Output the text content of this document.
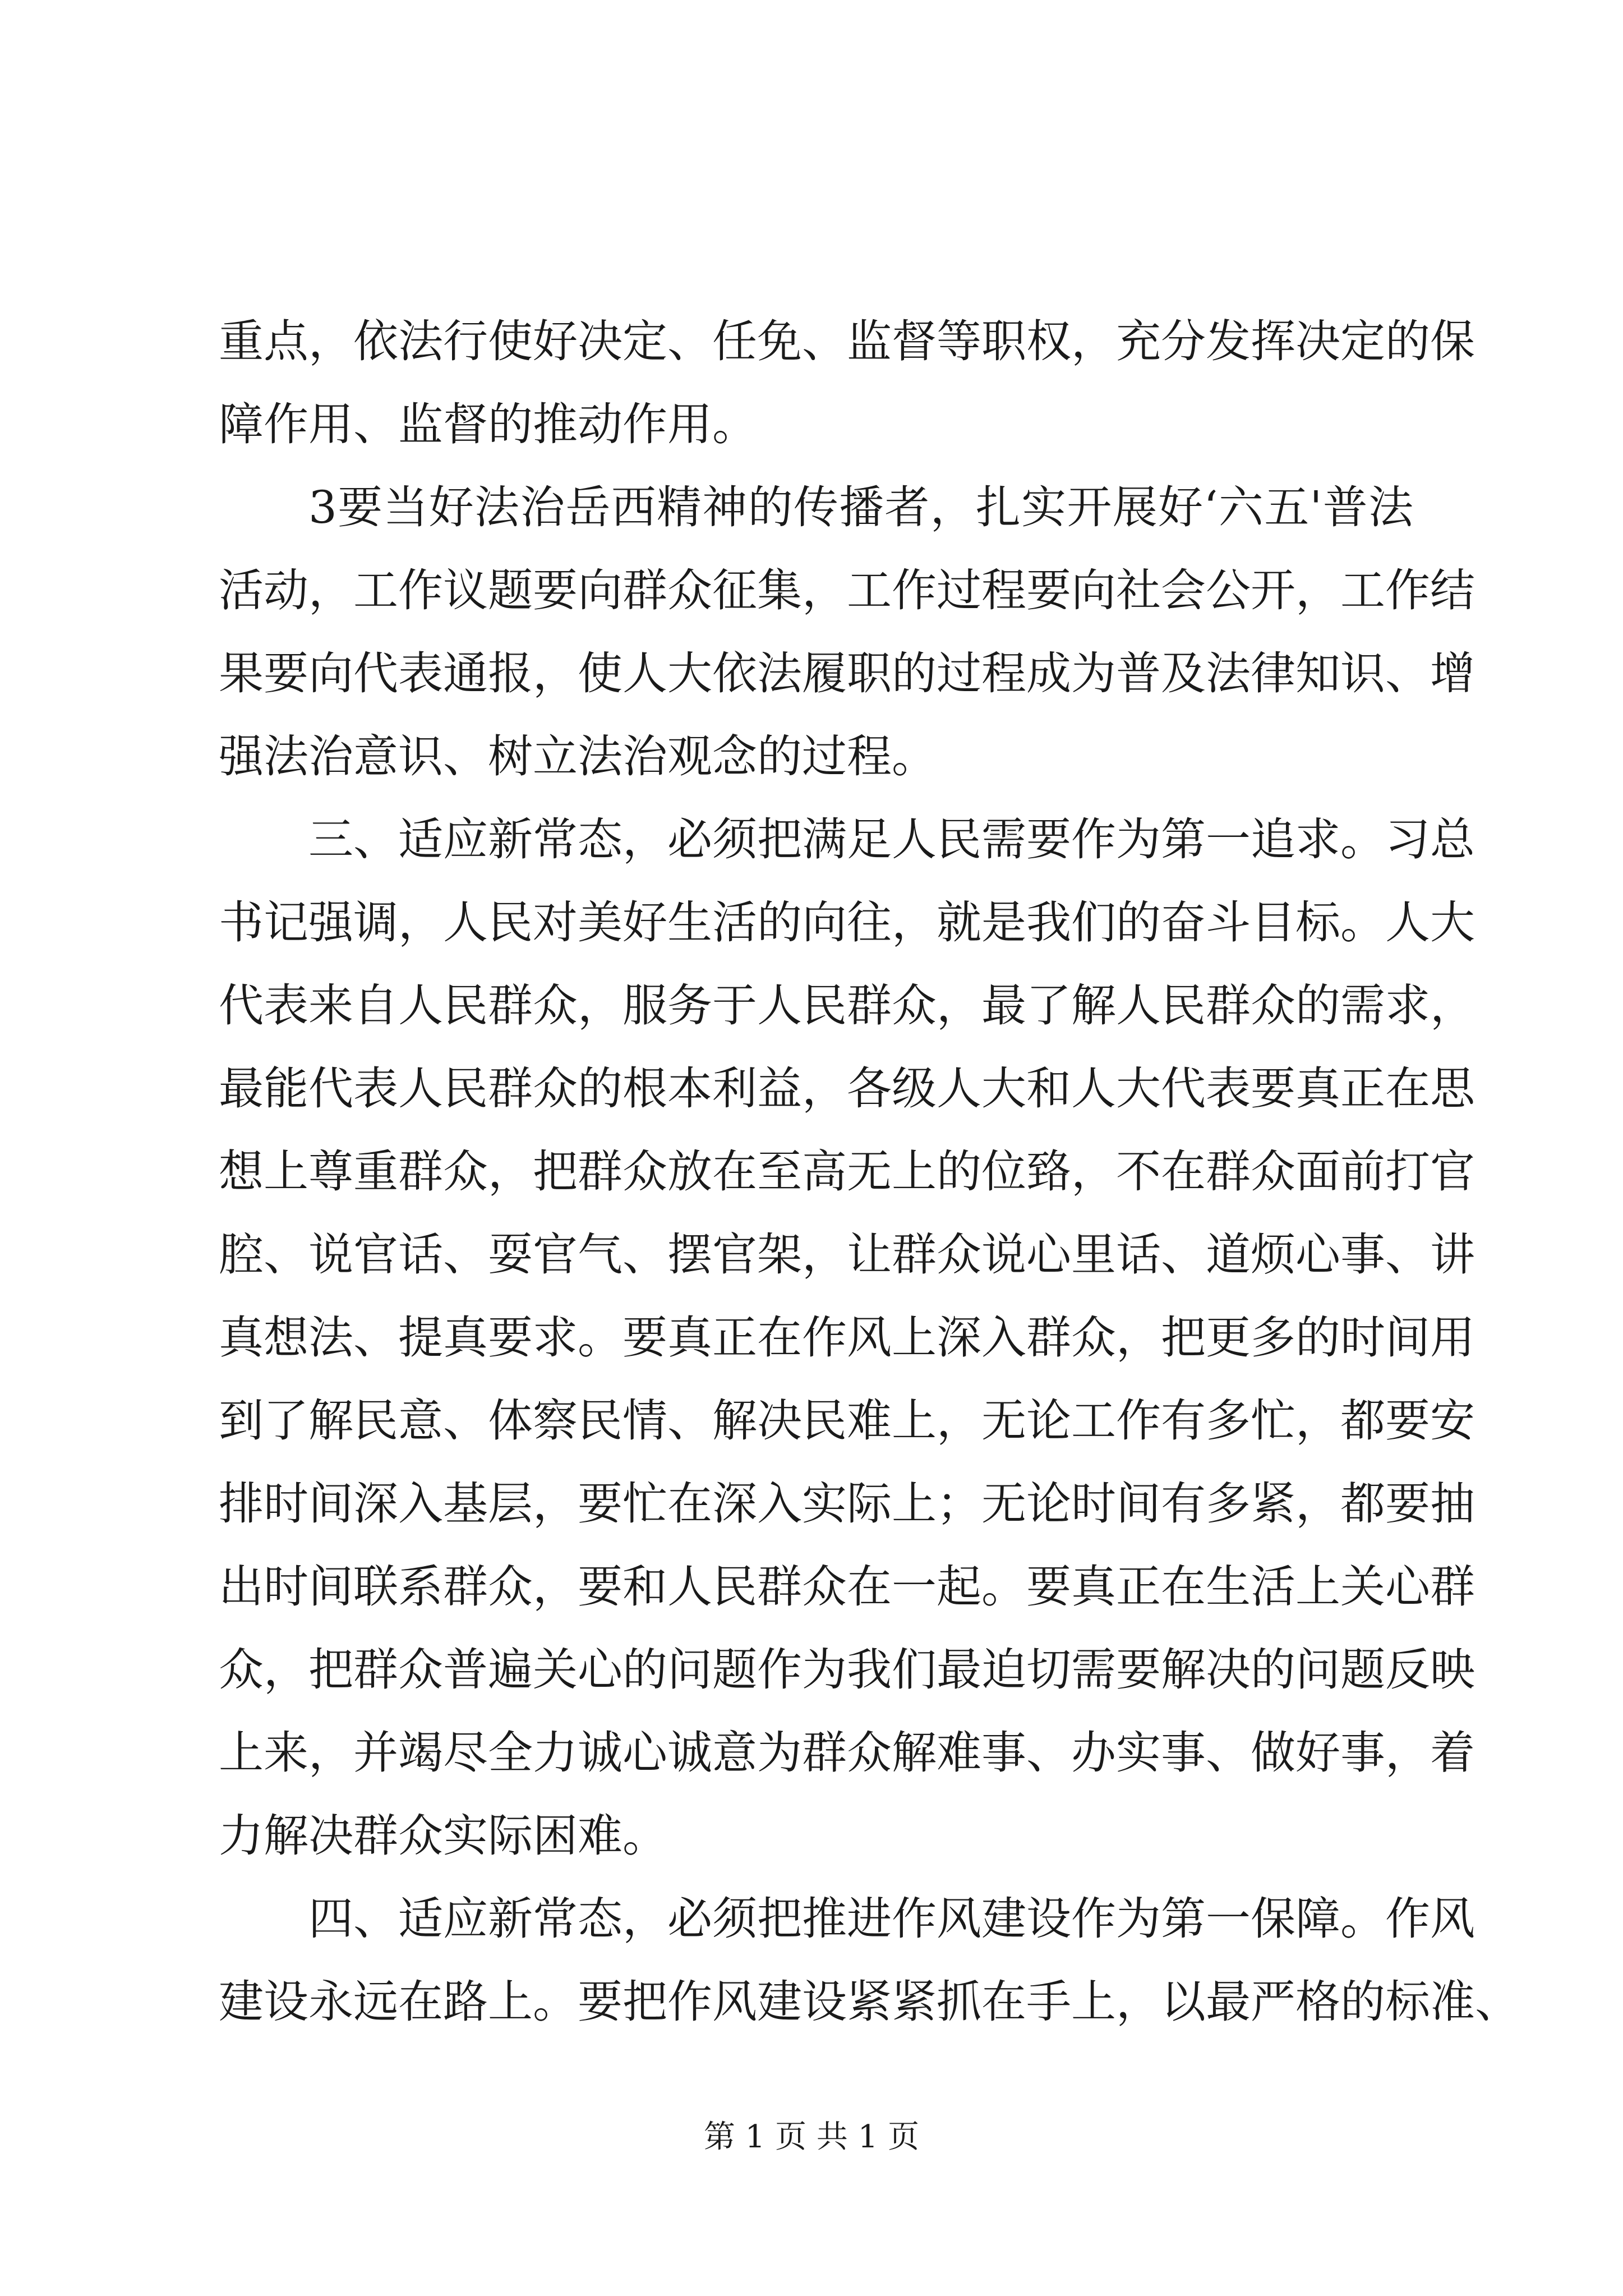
重点，依法行使好决定、任免、监督等职权，充分发挥决定的保
障作用、监督的推动作用。
3要当好法治岳西精神的传播者，扎实开展好‘六五'普法
活动，工作议题要向群众征集，工作过程要向社会公开，工作结
果要向代表通报，使人大依法履职的过程成为普及法律知识、增
强法治意识、树立法治观念的过程。
三、适应新常态，必须把满足人民需要作为第一追求。习总
书记强调，人民对美好生活的向往，就是我们的奋斗目标。人大
代表来自人民群众，服务于人民群众，最了解人民群众的需求，
最能代表人民群众的根本利益，各级人大和人大代表要真正在思
想上尊重群众，把群众放在至高无上的位臵，不在群众面前打官
腔、说官话、耍官气、摆官架，让群众说心里话、道烦心事、讲
真想法、提真要求。要真正在作风上深入群众，把更多的时间用
到了解民意、体察民情、解决民难上，无论工作有多忙，都要安
排时间深入基层，要忙在深入实际上；无论时间有多紧，都要抽
出时间联系群众，要和人民群众在一起。要真正在生活上关心群
众，把群众普遍关心的问题作为我们最迫切需要解决的问题反映
上来，并竭尽全力诚心诚意为群众解难事、办实事、做好事，着
力解决群众实际困难。
四、适应新常态，必须把推进作风建设作为第一保障。作风
建设永远在路上。要把作风建设紧紧抓在手上，以最严格的标准、
第 1 页 共 1 页
